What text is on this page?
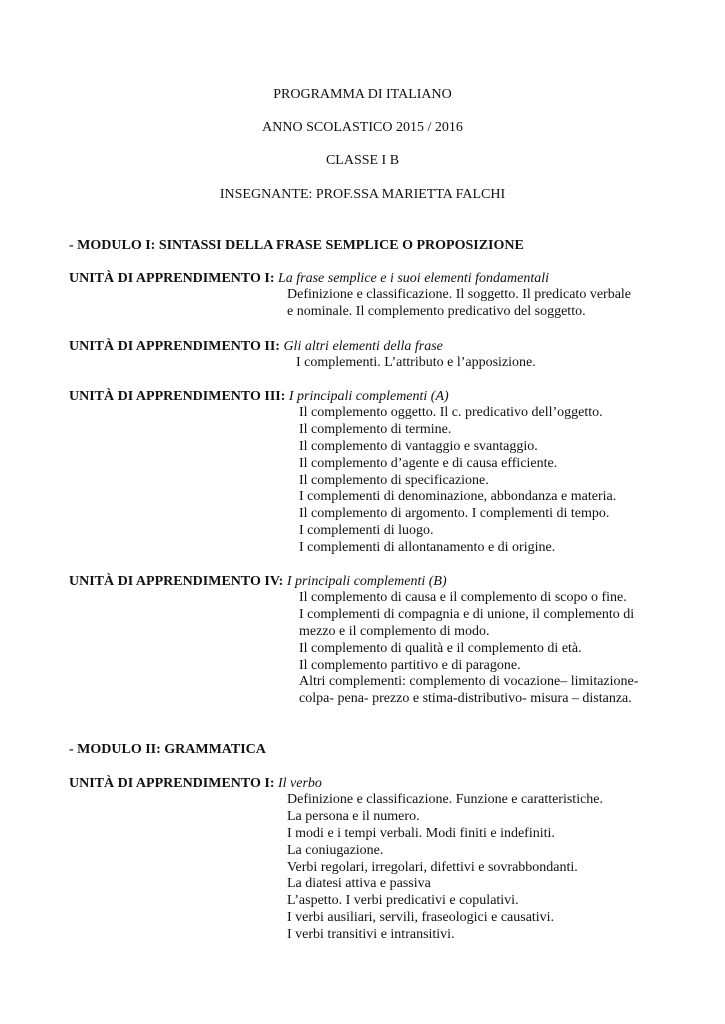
PROGRAMMA DI ITALIANO
ANNO SCOLASTICO 2015 / 2016
CLASSE I B
INSEGNANTE: PROF.SSA MARIETTA FALCHI
- MODULO I: SINTASSI DELLA FRASE SEMPLICE O PROPOSIZIONE
UNITÀ DI APPRENDIMENTO I: La frase semplice e i suoi elementi fondamentali
Definizione e classificazione. Il soggetto. Il predicato verbale
e nominale. Il complemento predicativo del soggetto.
UNITÀ DI APPRENDIMENTO II: Gli altri elementi della frase
I complementi. L’attributo e l’apposizione.
UNITÀ DI APPRENDIMENTO III: I principali complementi (A)
Il complemento oggetto. Il c. predicativo dell’oggetto.
Il complemento di termine.
Il complemento di vantaggio e svantaggio.
Il complemento d’agente e di causa efficiente.
Il complemento di specificazione.
I complementi di denominazione, abbondanza e materia.
Il complemento di argomento. I complementi di tempo.
I complementi di luogo.
I complementi di allontanamento e di origine.
UNITÀ DI APPRENDIMENTO IV: I principali complementi (B)
Il complemento di causa e il complemento di scopo o fine.
I complementi di compagnia e di unione, il complemento di
mezzo e il complemento di modo.
Il complemento di qualità e il complemento di età.
Il complemento partitivo e di paragone.
Altri complementi: complemento di vocazione– limitazione-
colpa- pena- prezzo e stima-distributivo- misura – distanza.
- MODULO II: GRAMMATICA
UNITÀ DI APPRENDIMENTO I: Il verbo
Definizione e classificazione. Funzione e caratteristiche.
La persona e il numero.
I modi e i tempi verbali. Modi finiti e indefiniti.
La coniugazione.
Verbi regolari, irregolari, difettivi e sovrabbondanti.
La diatesi attiva e passiva
L’aspetto. I verbi predicativi e copulativi.
I verbi ausiliari, servili, fraseologici e causativi.
I verbi transitivi e intransitivi.
